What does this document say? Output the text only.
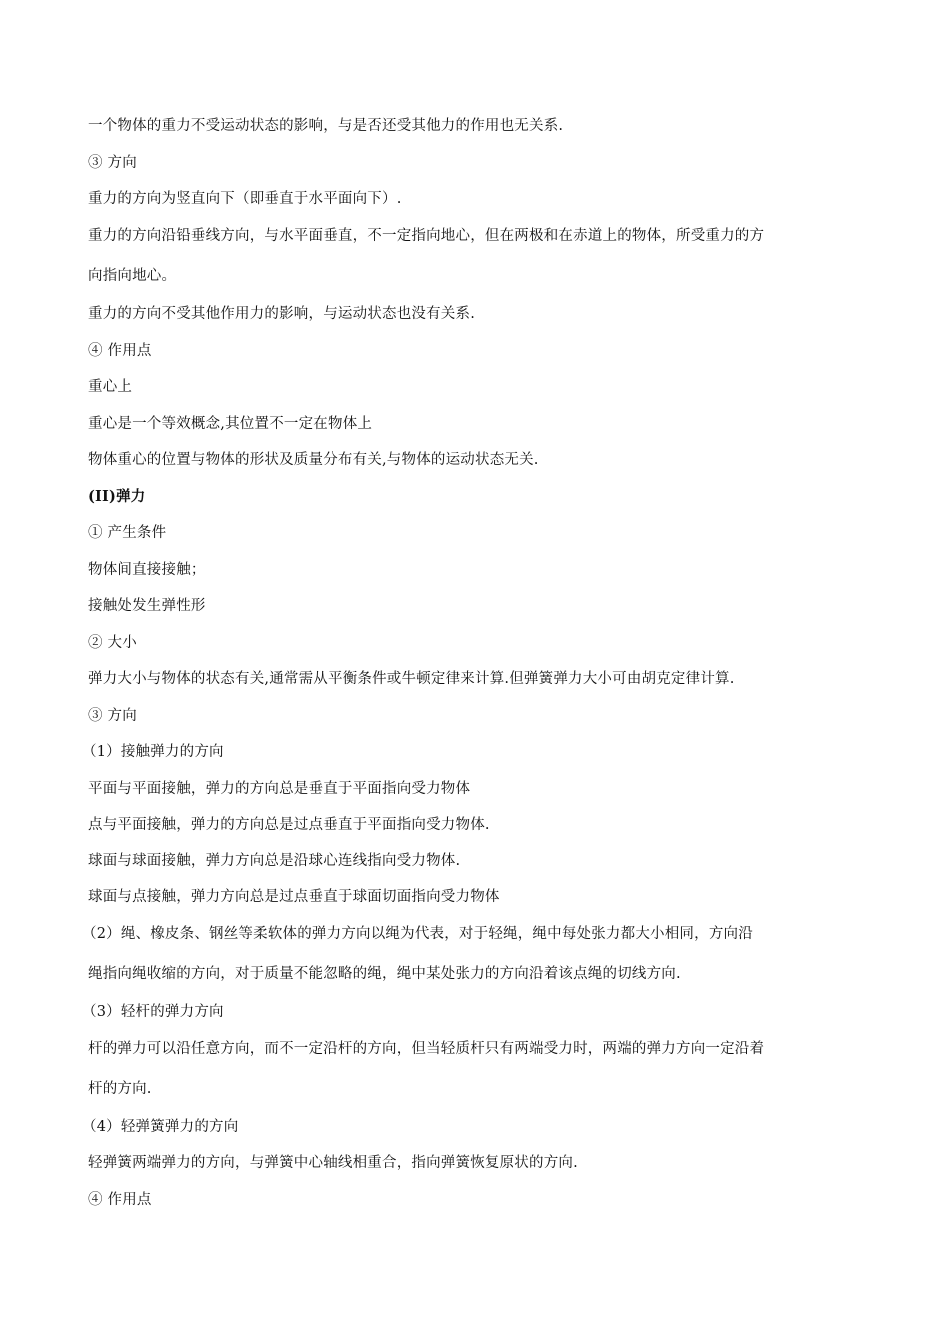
一个物体的重力不受运动状态的影响，与是否还受其他力的作用也无关系.
③ 方向
重力的方向为竖直向下（即垂直于水平面向下）.
重力的方向沿铅垂线方向，与水平面垂直，不一定指向地心，但在两极和在赤道上的物体，所受重力的方
向指向地心。
重力的方向不受其他作用力的影响，与运动状态也没有关系.
④ 作用点
重心上
重心是一个等效概念,其位置不一定在物体上
物体重心的位置与物体的形状及质量分布有关,与物体的运动状态无关.
(II)弹力
① 产生条件
物体间直接接触；
接触处发生弹性形
② 大小
弹力大小与物体的状态有关,通常需从平衡条件或牛顿定律来计算.但弹簧弹力大小可由胡克定律计算.
③ 方向
（1）接触弹力的方向
平面与平面接触，弹力的方向总是垂直于平面指向受力物体
点与平面接触，弹力的方向总是过点垂直于平面指向受力物体.
球面与球面接触，弹力方向总是沿球心连线指向受力物体.
球面与点接触，弹力方向总是过点垂直于球面切面指向受力物体
（2）绳、橡皮条、钢丝等柔软体的弹力方向以绳为代表，对于轻绳，绳中每处张力都大小相同，方向沿
绳指向绳收缩的方向，对于质量不能忽略的绳，绳中某处张力的方向沿着该点绳的切线方向.
（3）轻杆的弹力方向
杆的弹力可以沿任意方向，而不一定沿杆的方向，但当轻质杆只有两端受力时，两端的弹力方向一定沿着
杆的方向.
（4）轻弹簧弹力的方向
轻弹簧两端弹力的方向，与弹簧中心轴线相重合，指向弹簧恢复原状的方向.
④ 作用点
